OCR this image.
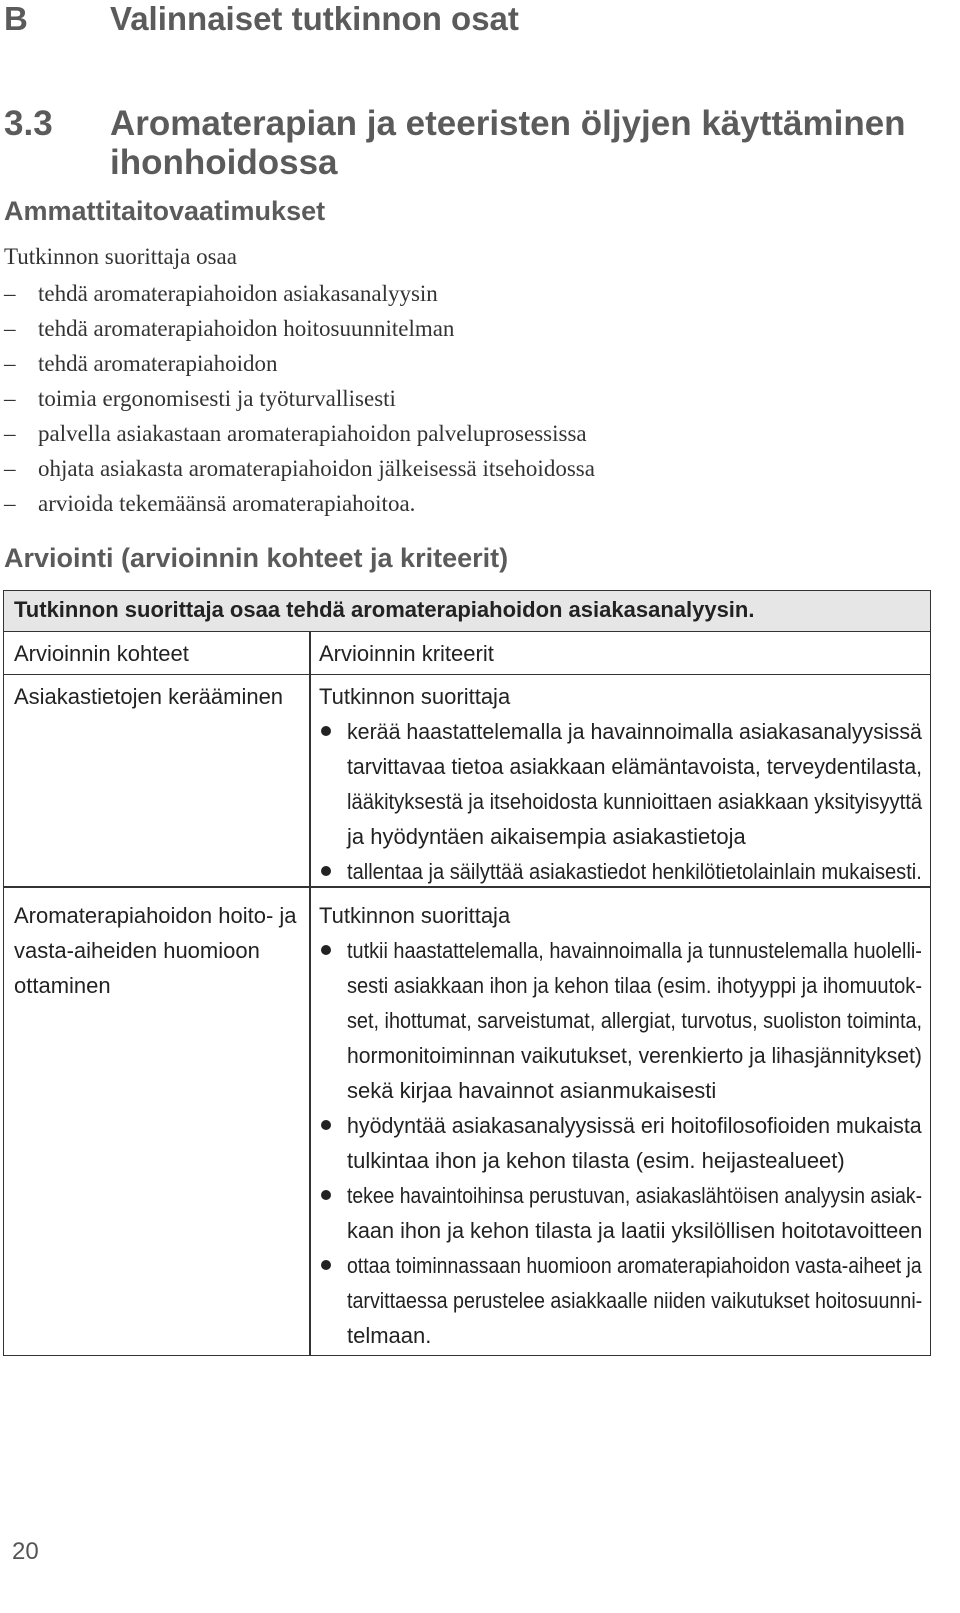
B Valinnaiset tutkinnon osat
3.3 Aromaterapian ja eteeristen öljyjen käyttäminen
ihonhoidossa
Ammattitaitovaatimukset
Tutkinnon suorittaja osaa
– tehdä aromaterapiahoidon asiakasanalyysin
– tehdä aromaterapiahoidon hoitosuunnitelman
– tehdä aromaterapiahoidon
– toimia ergonomisesti ja työturvallisesti
– palvella asiakastaan aromaterapiahoidon palveluprosessissa
– ohjata asiakasta aromaterapiahoidon jälkeisessä itsehoidossa
– arvioida tekemäänsä aromaterapiahoitoa.
Arviointi (arvioinnin kohteet ja kriteerit)
Tutkinnon suorittaja osaa tehdä aromaterapiahoidon asiakasanalyysin.
Arvioinnin kohteet	Arvioinnin kriteerit
Asiakastietojen kerääminen Tutkinnon suorittaja
kerää haastattelemalla ja havainnoimalla asiakasanalyysissä
tarvittavaa tietoa asiakkaan elämäntavoista, terveydentilasta,
lääkityksestä ja itsehoidosta kunnioittaen asiakkaan yksityisyyttä
ja hyödyntäen aikaisempia asiakastietoja
tallentaa ja säilyttää asiakastiedot henkilötietolainlain mukaisesti.
Aromaterapiahoidon hoito- ja
vasta-aiheiden huomioon
ottaminen
Tutkinnon suorittaja
tutkii haastattelemalla, havainnoimalla ja tunnustelemalla huolelli-
sesti asiakkaan ihon ja kehon tilaa (esim. ihotyyppi ja ihomuutok-
set, ihottumat, sarveistumat, allergiat, turvotus, suoliston toiminta,
hormonitoiminnan vaikutukset, verenkierto ja lihasjännitykset)
sekä kirjaa havainnot asianmukaisesti
hyödyntää asiakasanalyysissä eri hoitofilosofioiden mukaista
tulkintaa ihon ja kehon tilasta (esim. heijastealueet)
tekee havaintoihinsa perustuvan, asiakaslähtöisen analyysin asiak-
kaan ihon ja kehon tilasta ja laatii yksilöllisen hoitotavoitteen
ottaa toiminnassaan huomioon aromaterapiahoidon vasta-aiheet ja
tarvittaessa perustelee asiakkaalle niiden vaikutukset hoitosuunni-
telmaan.
20
